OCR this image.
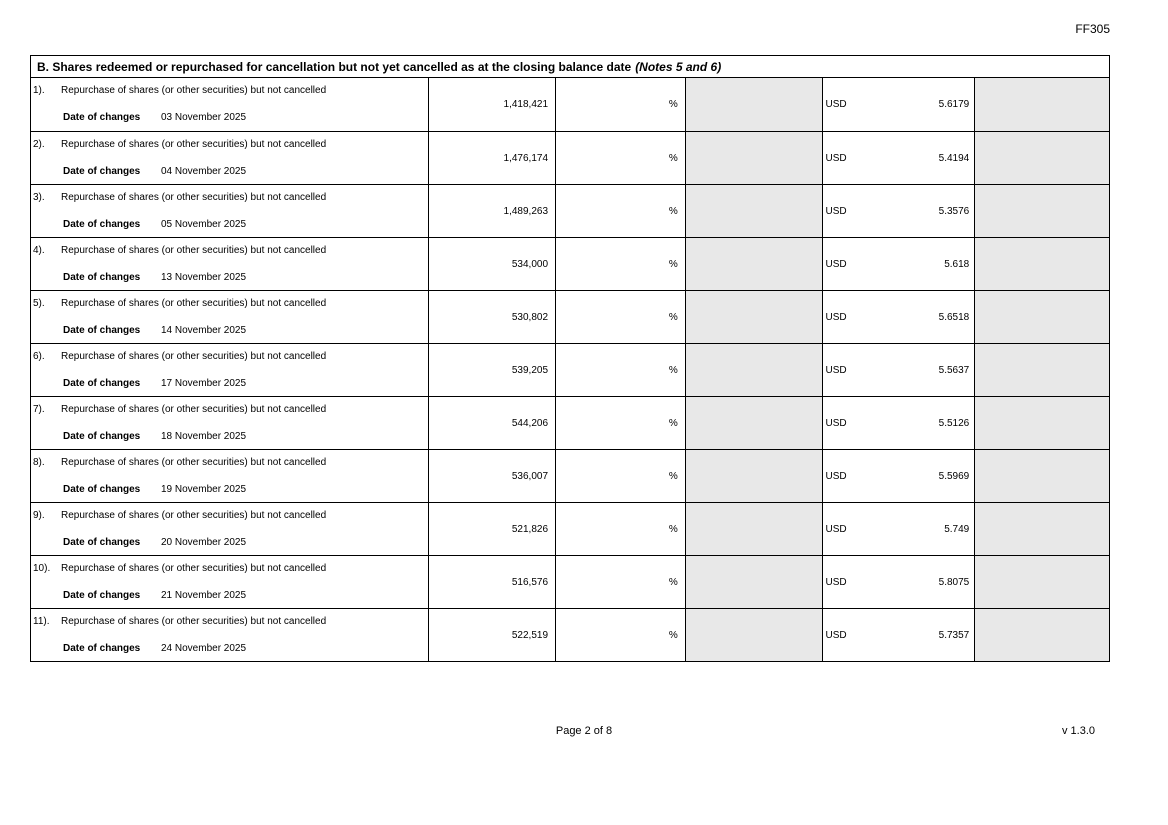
FF305
B. Shares redeemed or repurchased for cancellation but not yet cancelled as at the closing balance date (Notes 5 and 6)
1).	Repurchase of shares (or other securities) but not cancelled
Date of changes	03 November 2025
1,418,421	%	USD	5.6179
2).	Repurchase of shares (or other securities) but not cancelled
Date of changes	04 November 2025
1,476,174	%	USD	5.4194
3).	Repurchase of shares (or other securities) but not cancelled
Date of changes	05 November 2025
1,489,263	%	USD	5.3576
4).	Repurchase of shares (or other securities) but not cancelled
Date of changes	13 November 2025
534,000	%	USD	5.618
5).	Repurchase of shares (or other securities) but not cancelled
Date of changes	14 November 2025
530,802	%	USD	5.6518
6).	Repurchase of shares (or other securities) but not cancelled
Date of changes	17 November 2025
539,205	%	USD	5.5637
7).	Repurchase of shares (or other securities) but not cancelled
Date of changes	18 November 2025
544,206	%	USD	5.5126
8).	Repurchase of shares (or other securities) but not cancelled
Date of changes	19 November 2025
536,007	%	USD	5.5969
9).	Repurchase of shares (or other securities) but not cancelled
Date of changes	20 November 2025
521,826	%	USD	5.749
10).	Repurchase of shares (or other securities) but not cancelled
Date of changes	21 November 2025
516,576	%	USD	5.8075
11).	Repurchase of shares (or other securities) but not cancelled
Date of changes	24 November 2025
522,519	%	USD	5.7357
Page 2 of 8	v 1.3.0
